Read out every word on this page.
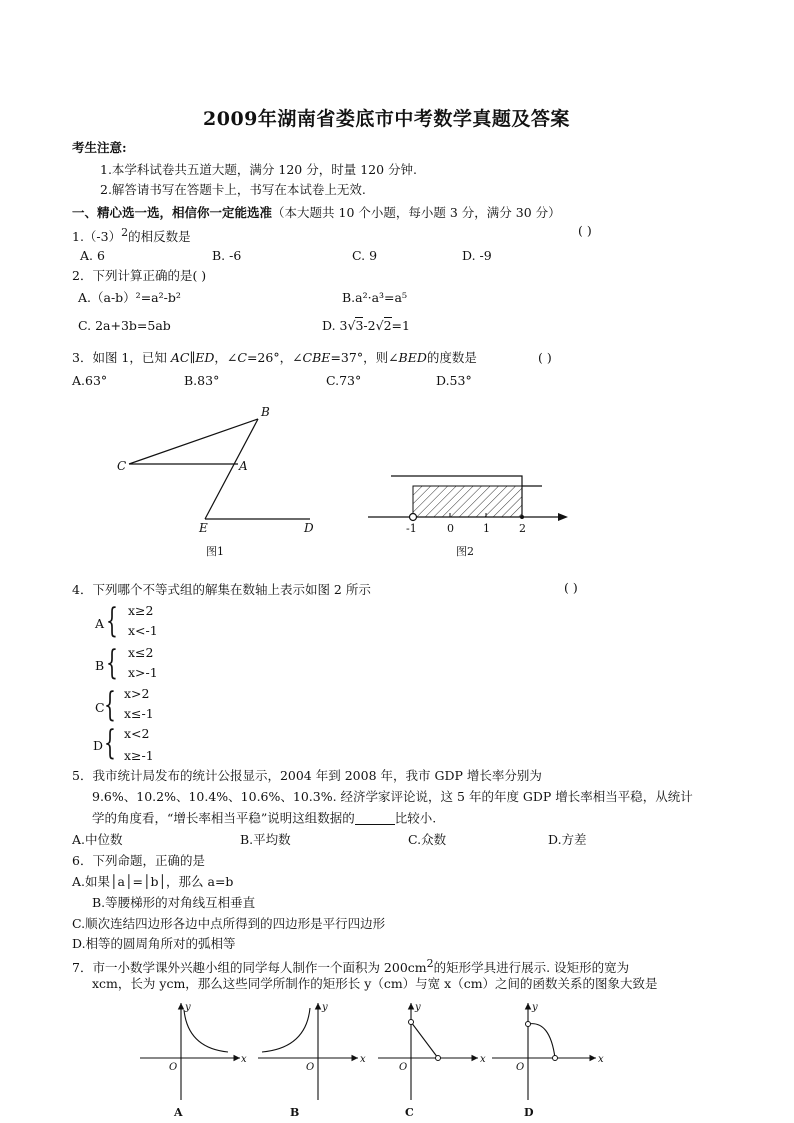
2009年湖南省娄底市中考数学真题及答案
考生注意:
1.本学科试卷共五道大题，满分 120 分，时量 120 分钟.
2.解答请书写在答题卡上，书写在本试卷上无效.
一、精心选一选，相信你一定能选准（本大题共 10 个小题，每小题 3 分，满分 30 分）
$1.(-3)^2$的相反数是	( )
A. 6	B. -6	C. 9	D. -9
2．下列计算正确的是( )
A.（a-b）²=a²-b²	B.a²·a³=a⁵
C. 2a+3b=5ab	D. 3√3-2√2=1
3．如图 1，已知 AC∥ED，∠C=26°，∠CBE=37°，则∠BED的度数是	( )
A.63°	B.83°	C.73°	D.53°
B
C	A
E	D
图1
-1	0	1	2
图2
4．下列哪个不等式组的解集在数轴上表示如图 2 所示	( )
A { x≥2
x<-1
B { x≤2
x>-1
C { x>2
x≤-1
D { x<2
x≥-1
5．我市统计局发布的统计公报显示，2004 年到 2008 年，我市 GDP 增长率分别为
9.6%、10.2%、10.4%、10.6%、10.3%. 经济学家评论说，这 5 年的年度 GDP 增长率相当平稳，从统计
学的角度看，“增长率相当平稳”说明这组数据的	比较小.
A.中位数	B.平均数	C.众数	D.方差
6．下列命题，正确的是
A.如果│a│=│b│，那么 a=b
B.等腰梯形的对角线互相垂直
C.顺次连结四边形各边中点所得到的四边形是平行四边形
D.相等的圆周角所对的弧相等
7．市一小数学课外兴趣小组的同学每人制作一个面积为 $200cm^2$的矩形学具进行展示. 设矩形的宽为
xcm，长为 ycm，那么这些同学所制作的矩形长 y（cm）与宽 x（cm）之间的函数关系的图象大致是
x
y
O
A
x
y
O
B
x
y
O
C
x
y
O
D
